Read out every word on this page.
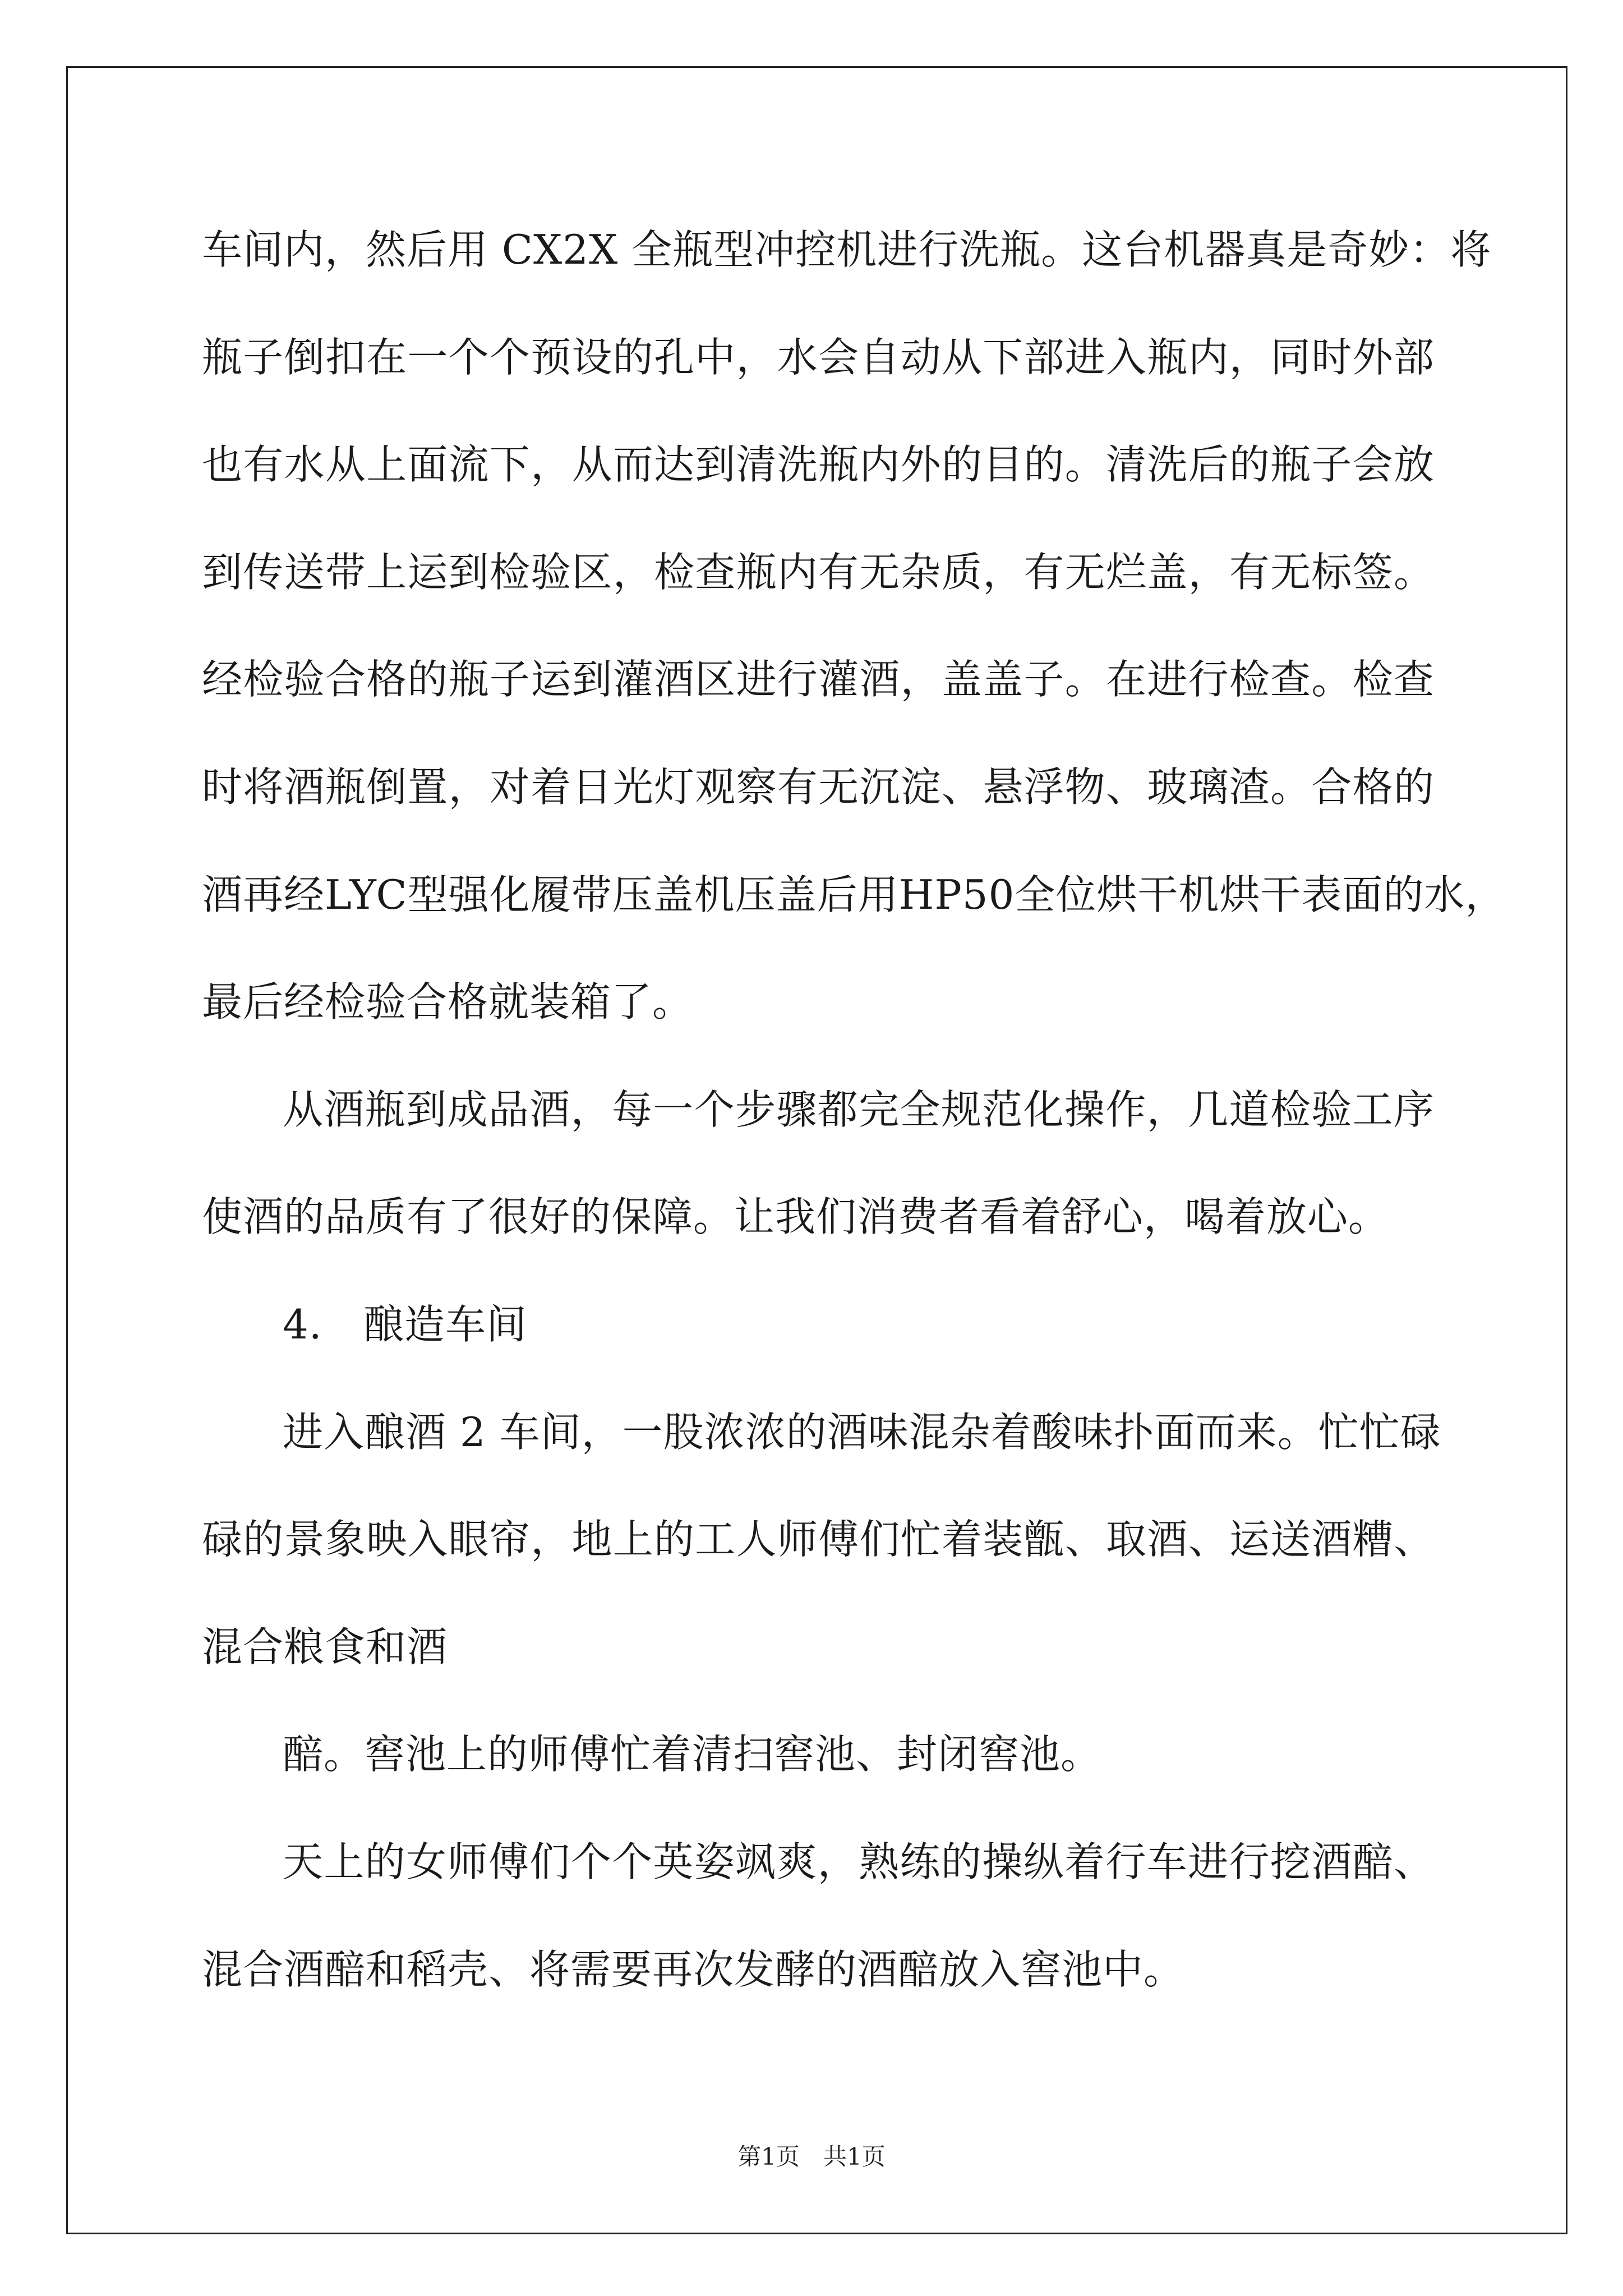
车间内，然后用 CX2X 全瓶型冲控机进行洗瓶。这台机器真是奇妙：将
瓶子倒扣在一个个预设的孔中，水会自动从下部进入瓶内，同时外部
也有水从上面流下，从而达到清洗瓶内外的目的。清洗后的瓶子会放
到传送带上运到检验区，检查瓶内有无杂质，有无烂盖，有无标签。
经检验合格的瓶子运到灌酒区进行灌酒，盖盖子。在进行检查。检查
时将酒瓶倒置，对着日光灯观察有无沉淀、悬浮物、玻璃渣。合格的
酒再经LYC型强化履带压盖机压盖后用HP50全位烘干机烘干表面的水，
最后经检验合格就装箱了。
从酒瓶到成品酒，每一个步骤都完全规范化操作，几道检验工序
使酒的品质有了很好的保障。让我们消费者看着舒心，喝着放心。
4. 酿造车间
进入酿酒 2 车间，一股浓浓的酒味混杂着酸味扑面而来。忙忙碌
碌的景象映入眼帘，地上的工人师傅们忙着装甑、取酒、运送酒糟、
混合粮食和酒
醅。窖池上的师傅忙着清扫窖池、封闭窖池。
天上的女师傅们个个英姿飒爽，熟练的操纵着行车进行挖酒醅、
混合酒醅和稻壳、将需要再次发酵的酒醅放入窖池中。
第1页　共1页
